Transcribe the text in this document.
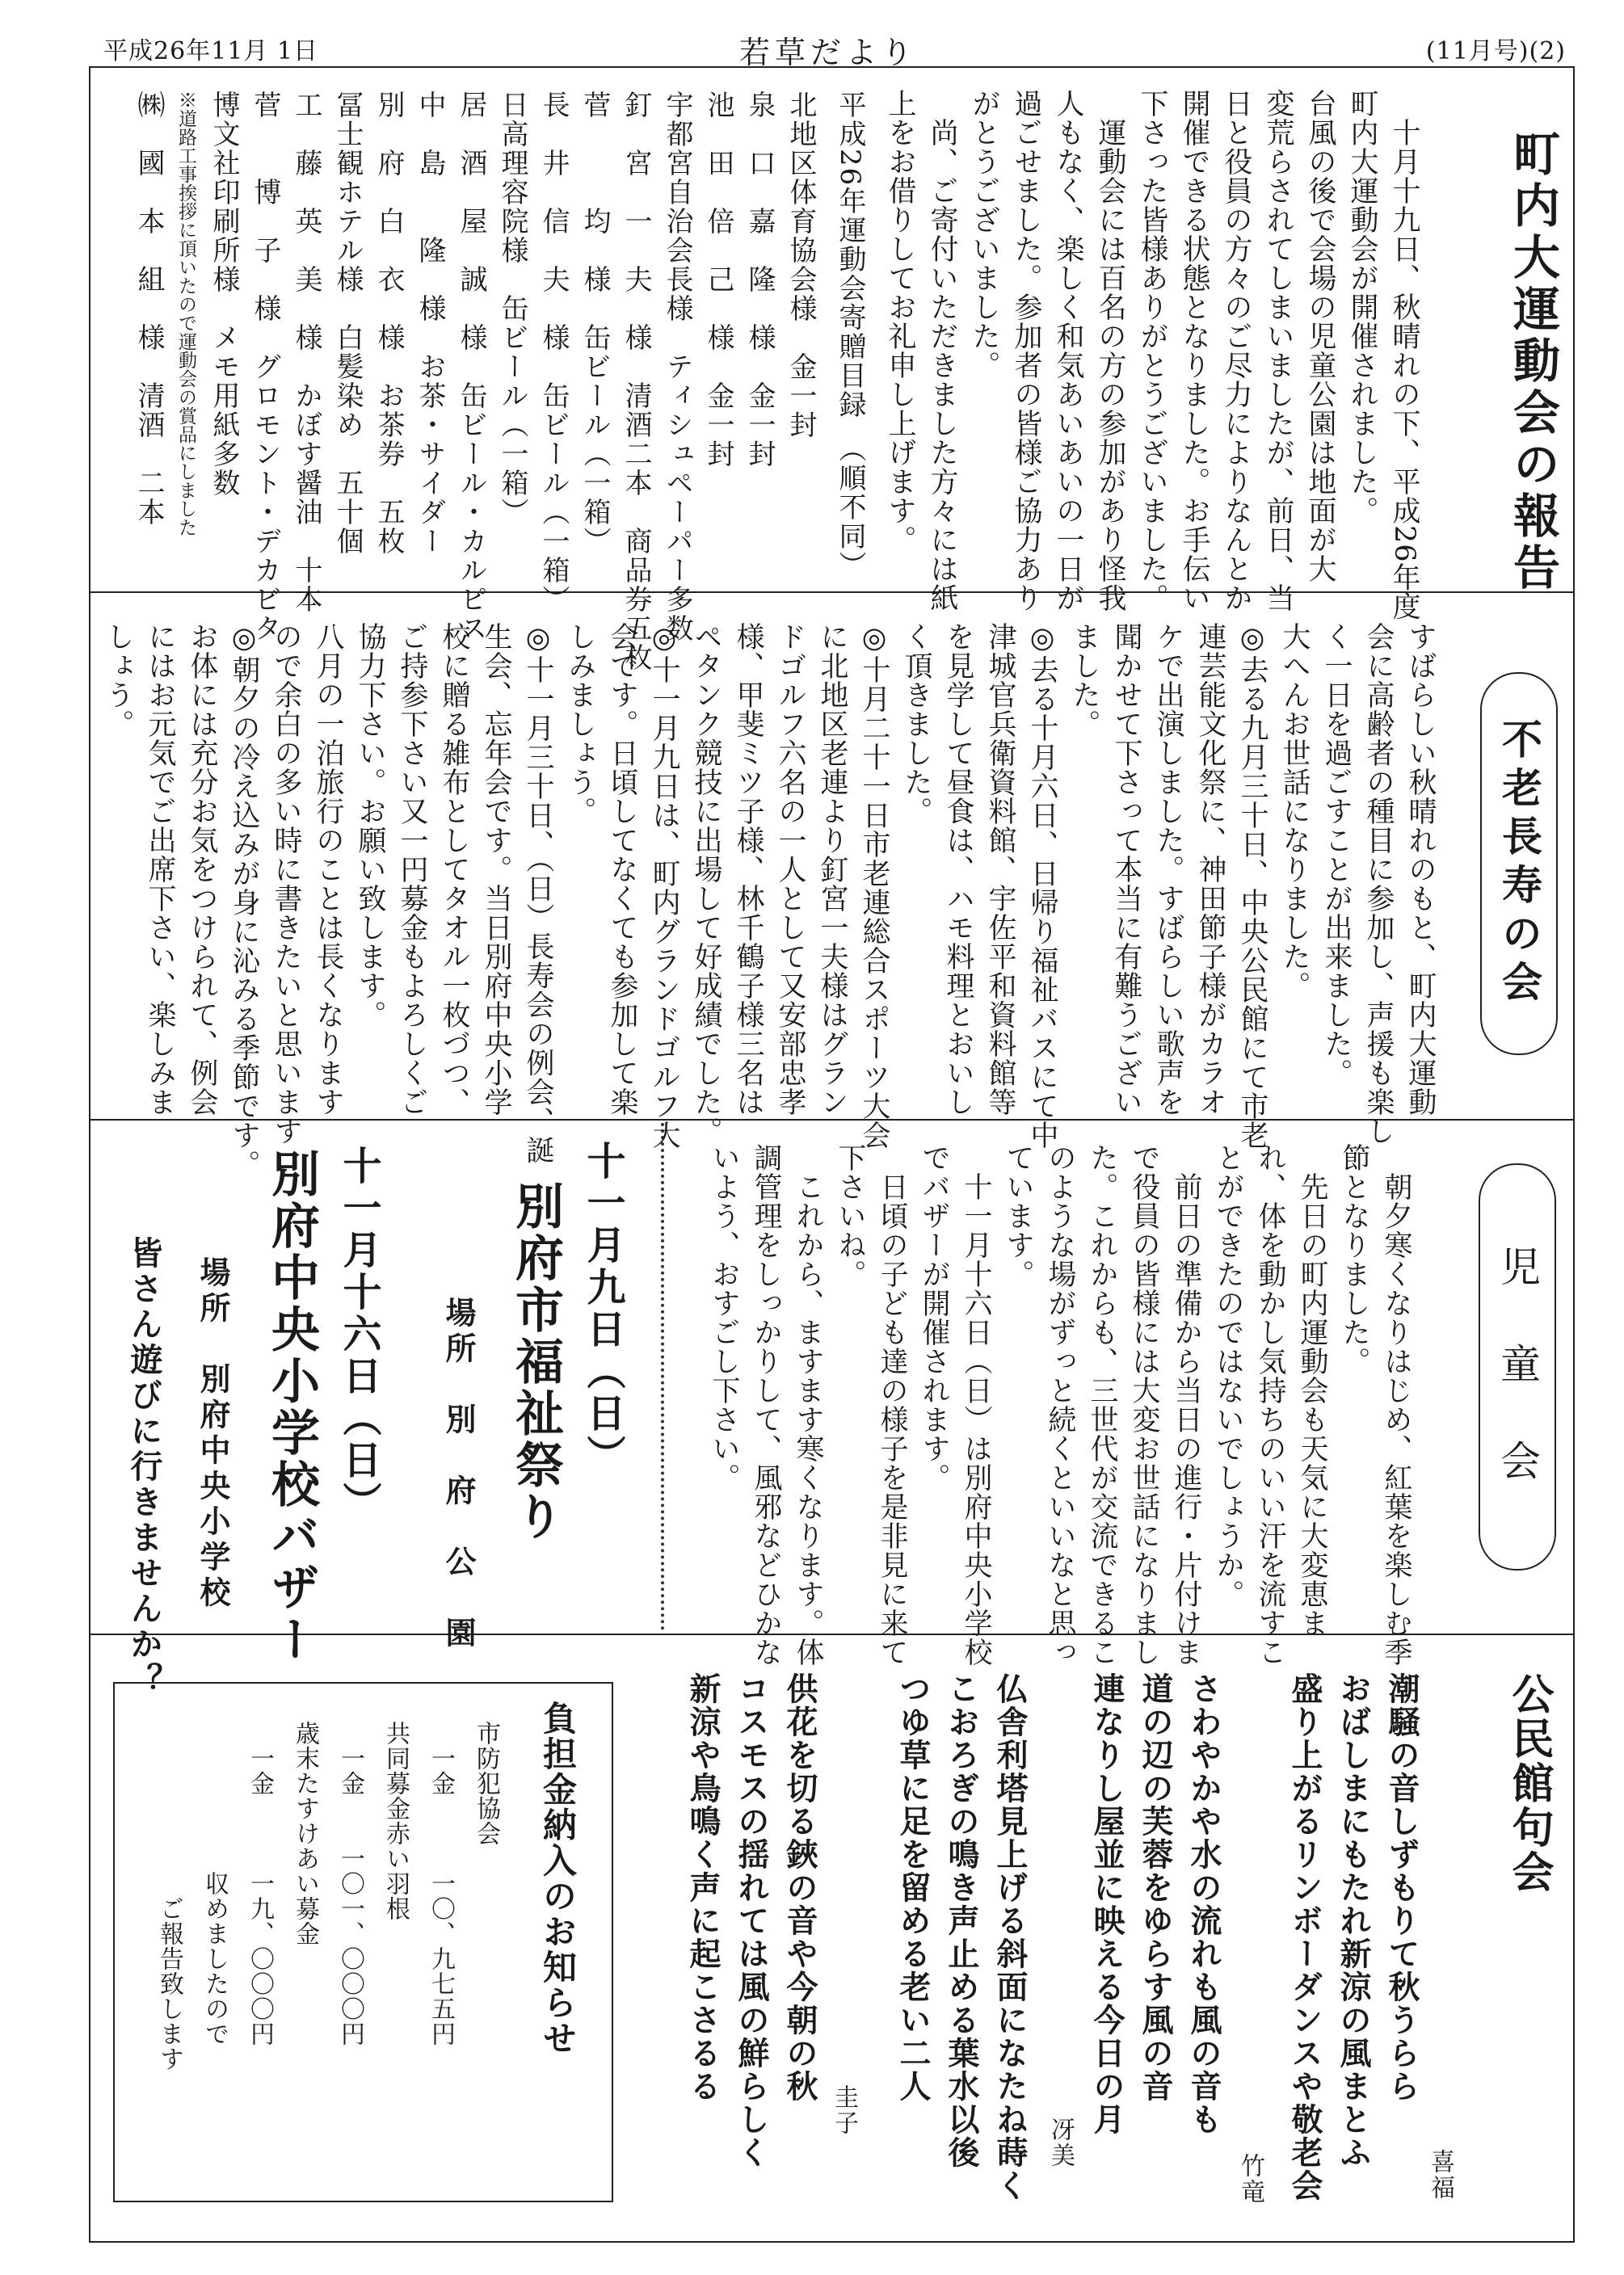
平成26年11月 1日	若草だより	(11月号)(2)
町内大運動会の報告
　十月十九日、秋晴れの下、平成26年度
町内大運動会が開催されました。
台風の後で会場の児童公園は地面が大
変荒らされてしまいましたが、前日、当
日と役員の方々のご尽力によりなんとか
開催できる状態となりました。お手伝い
下さった皆様ありがとうございました。
　運動会には百名の方の参加があり怪我
人もなく、楽しく和気あいあいの一日が
過ごせました。参加者の皆様ご協力あり
がとうございました。
　尚、ご寄付いただきました方々には紙
上をお借りしてお礼申し上げます。
平成26年運動会寄贈目録　（順不同）
北地区体育協会様　金一封
泉　口　嘉　隆　様　金一封
池　田　倍　己　様　金一封
宇都宮自治会長様　ティシュペーパー多数
釘　宮　一　夫　様　清酒二本　商品券五枚
菅　　　均　様　缶ビール（一箱）
長　井　信　夫　様　缶ビール（一箱）
日高理容院様　缶ビール（一箱）
居　酒　屋　誠　様　缶ビール・カルピス
中　島　　隆　様　お茶・サイダー
別　府　白　衣　様　お茶券　五枚
冨士観ホテル様　白髪染め　五十個
工　藤　英　美　様　かぼす醤油　十本
菅　　博　子　様　グロモント・デカビタ
博文社印刷所様　メモ用紙多数
※道路工事挨拶に頂いたので運動会の賞品にしました
㈱　國　本　組　様　清酒　二本
不老長寿の会
すばらしい秋晴れのもと、町内大運動
会に高齢者の種目に参加し、声援も楽し
く一日を過ごすことが出来ました。
大へんお世話になりました。
◎去る九月三十日、中央公民館にて市老
連芸能文化祭に、神田節子様がカラオ
ケで出演しました。すばらしい歌声を
聞かせて下さって本当に有難うござい
ました。
◎去る十月六日、日帰り福祉バスにて中
津城官兵衛資料館、宇佐平和資料館等
を見学して昼食は、ハモ料理とおいし
く頂きました。
◎十月二十一日市老連総合スポーツ大会
に北地区老連より釘宮一夫様はグラン
ドゴルフ六名の一人として又安部忠孝
様、甲斐ミツ子様、林千鶴子様三名は
ペタンク競技に出場して好成績でした。
◎十一月九日は、町内グランドゴルフ大
会です。日頃してなくても参加して楽
しみましょう。
◎十一月三十日、（日）長寿会の例会、誕
生会、忘年会です。当日別府中央小学
校に贈る雑布としてタオル一枚づつ、
ご持参下さい又一円募金もよろしくご
協力下さい。お願い致します。
八月の一泊旅行のことは長くなります
ので余白の多い時に書きたいと思います
◎朝夕の冷え込みが身に沁みる季節です。
お体には充分お気をつけられて、例会
にはお元気でご出席下さい、楽しみま
しょう。
児　童　会
　朝夕寒くなりはじめ、紅葉を楽しむ季
節となりました。
　先日の町内運動会も天気に大変恵ま
れ、体を動かし気持ちのいい汗を流すこ
とができたのではないでしょうか。
　前日の準備から当日の進行・片付けま
で役員の皆様には大変お世話になりまし
た。これからも、三世代が交流できるこ
のような場がずっと続くといいなと思っ
ています。
　十一月十六日（日）は別府中央小学校
でバザーが開催されます。
　日頃の子ども達の様子を是非見に来て
下さいね。
　これから、ますます寒くなります。体
調管理をしっかりして、風邪などひかな
いよう、おすごし下さい。
十一月九日（日）
別府市福祉祭り
場所　別　府　公　園
十一月十六日（日）
別府中央小学校バザー
場所　別府中央小学校
皆さん遊びに行きませんか？
公民館句会
潮騒の音しずもりて秋うらら
おばしまにもたれ新涼の風まとふ
盛り上がるリンボーダンスや敬老会	喜福
さわやかや水の流れも風の音も
道の辺の芙蓉をゆらす風の音
連なりし屋並に映える今日の月
竹竜
仏舎利塔見上げる斜面になたね蒔く
こおろぎの鳴き声止める葉水以後
つゆ草に足を留める老い二人
冴美
供花を切る鋏の音や今朝の秋
コスモスの揺れては風の鮮らしく
新涼や鳥鳴く声に起こさるる
圭子
負担金納入のお知らせ
市防犯協会
　一金　　　一〇、九七五円
共同募金赤い羽根
　一金　　一〇一、〇〇〇円
歳末たすけあい募金
　一金　　　一九、〇〇〇円
　　　　　　収めましたので
　　　　　　　ご報告致します
